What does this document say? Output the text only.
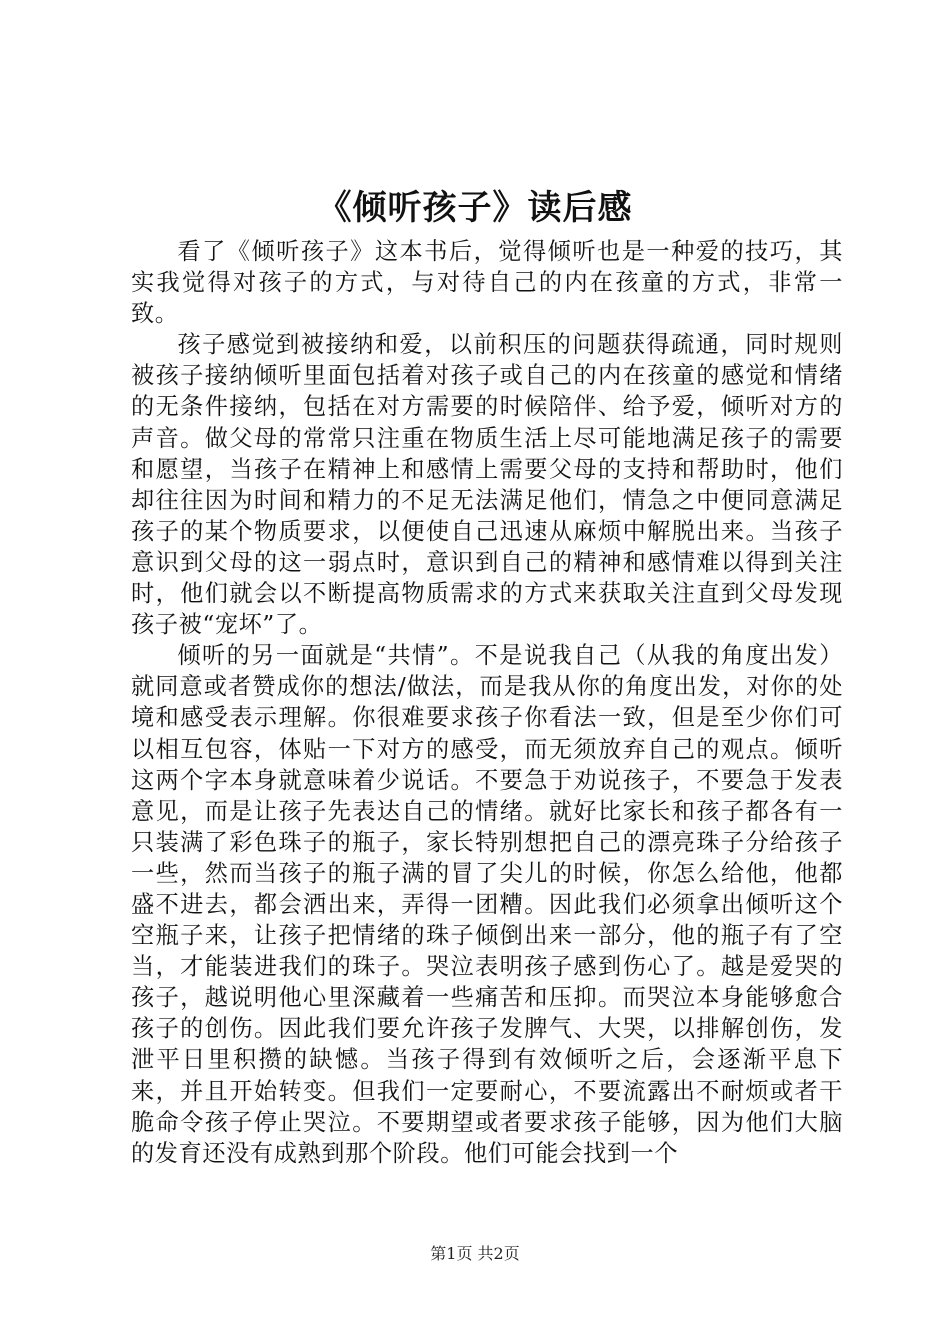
《倾听孩子》读后感

看了《倾听孩子》这本书后，觉得倾听也是一种爱的技巧，其实我觉得对孩子的方式，与对待自己的内在孩童的方式，非常一致。

孩子感觉到被接纳和爱，以前积压的问题获得疏通，同时规则被孩子接纳倾听里面包括着对孩子或自己的内在孩童的感觉和情绪的无条件接纳，包括在对方需要的时候陪伴、给予爱，倾听对方的声音。做父母的常常只注重在物质生活上尽可能地满足孩子的需要和愿望，当孩子在精神上和感情上需要父母的支持和帮助时，他们却往往因为时间和精力的不足无法满足他们，情急之中便同意满足孩子的某个物质要求，以便使自己迅速从麻烦中解脱出来。当孩子意识到父母的这一弱点时，意识到自己的精神和感情难以得到关注时，他们就会以不断提高物质需求的方式来获取关注直到父母发现孩子被“宠坏”了。

倾听的另一面就是“共情”。不是说我自己（从我的角度出发）就同意或者赞成你的想法/做法，而是我从你的角度出发，对你的处境和感受表示理解。你很难要求孩子你看法一致，但是至少你们可以相互包容，体贴一下对方的感受，而无须放弃自己的观点。倾听这两个字本身就意味着少说话。不要急于劝说孩子，不要急于发表意见，而是让孩子先表达自己的情绪。就好比家长和孩子都各有一只装满了彩色珠子的瓶子，家长特别想把自己的漂亮珠子分给孩子一些，然而当孩子的瓶子满的冒了尖儿的时候，你怎么给他，他都盛不进去，都会洒出来，弄得一团糟。因此我们必须拿出倾听这个空瓶子来，让孩子把情绪的珠子倾倒出来一部分，他的瓶子有了空当，才能装进我们的珠子。哭泣表明孩子感到伤心了。越是爱哭的孩子，越说明他心里深藏着一些痛苦和压抑。而哭泣本身能够愈合孩子的创伤。因此我们要允许孩子发脾气、大哭，以排解创伤，发泄平日里积攒的缺憾。当孩子得到有效倾听之后，会逐渐平息下来，并且开始转变。但我们一定要耐心，不要流露出不耐烦或者干脆命令孩子停止哭泣。不要期望或者要求孩子能够，因为他们大脑的发育还没有成熟到那个阶段。他们可能会找到一个

第1页 共2页
